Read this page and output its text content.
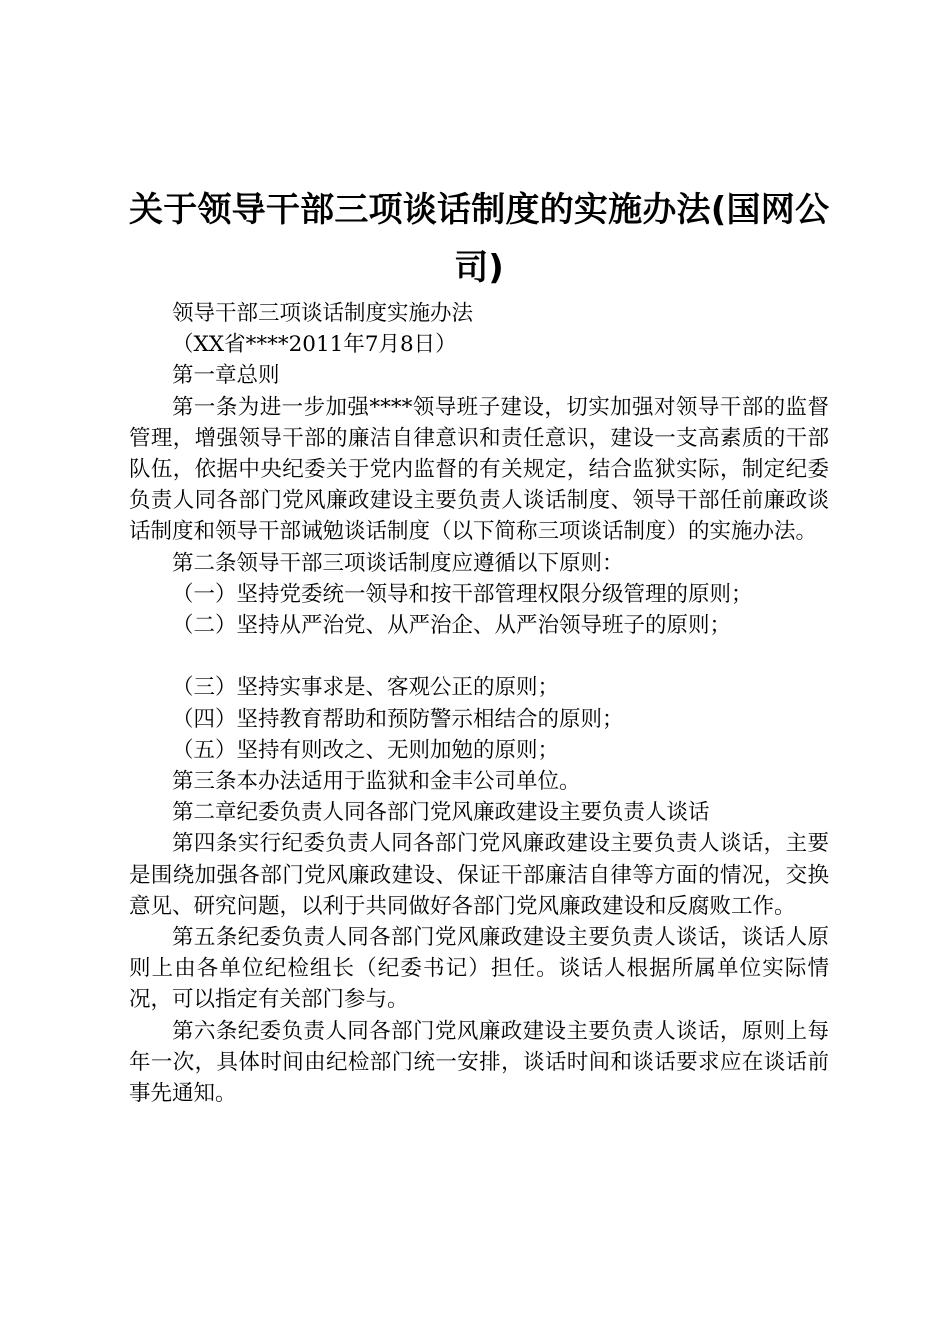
关于领导干部三项谈话制度的实施办法(国网公司)

领导干部三项谈话制度实施办法

（XX省****2011年7月8日）

第一章总则

第一条为进一步加强****领导班子建设，切实加强对领导干部的监督管理，增强领导干部的廉洁自律意识和责任意识，建设一支高素质的干部队伍，依据中央纪委关于党内监督的有关规定，结合监狱实际，制定纪委负责人同各部门党风廉政建设主要负责人谈话制度、领导干部任前廉政谈话制度和领导干部诫勉谈话制度（以下简称三项谈话制度）的实施办法。

第二条领导干部三项谈话制度应遵循以下原则：

（一）坚持党委统一领导和按干部管理权限分级管理的原则；

（二）坚持从严治党、从严治企、从严治领导班子的原则；

（三）坚持实事求是、客观公正的原则；

（四）坚持教育帮助和预防警示相结合的原则；

（五）坚持有则改之、无则加勉的原则；

第三条本办法适用于监狱和金丰公司单位。

第二章纪委负责人同各部门党风廉政建设主要负责人谈话

第四条实行纪委负责人同各部门党风廉政建设主要负责人谈话，主要是围绕加强各部门党风廉政建设、保证干部廉洁自律等方面的情况，交换意见、研究问题，以利于共同做好各部门党风廉政建设和反腐败工作。

第五条纪委负责人同各部门党风廉政建设主要负责人谈话，谈话人原则上由各单位纪检组长（纪委书记）担任。谈话人根据所属单位实际情况，可以指定有关部门参与。

第六条纪委负责人同各部门党风廉政建设主要负责人谈话，原则上每年一次，具体时间由纪检部门统一安排，谈话时间和谈话要求应在谈话前事先通知。
